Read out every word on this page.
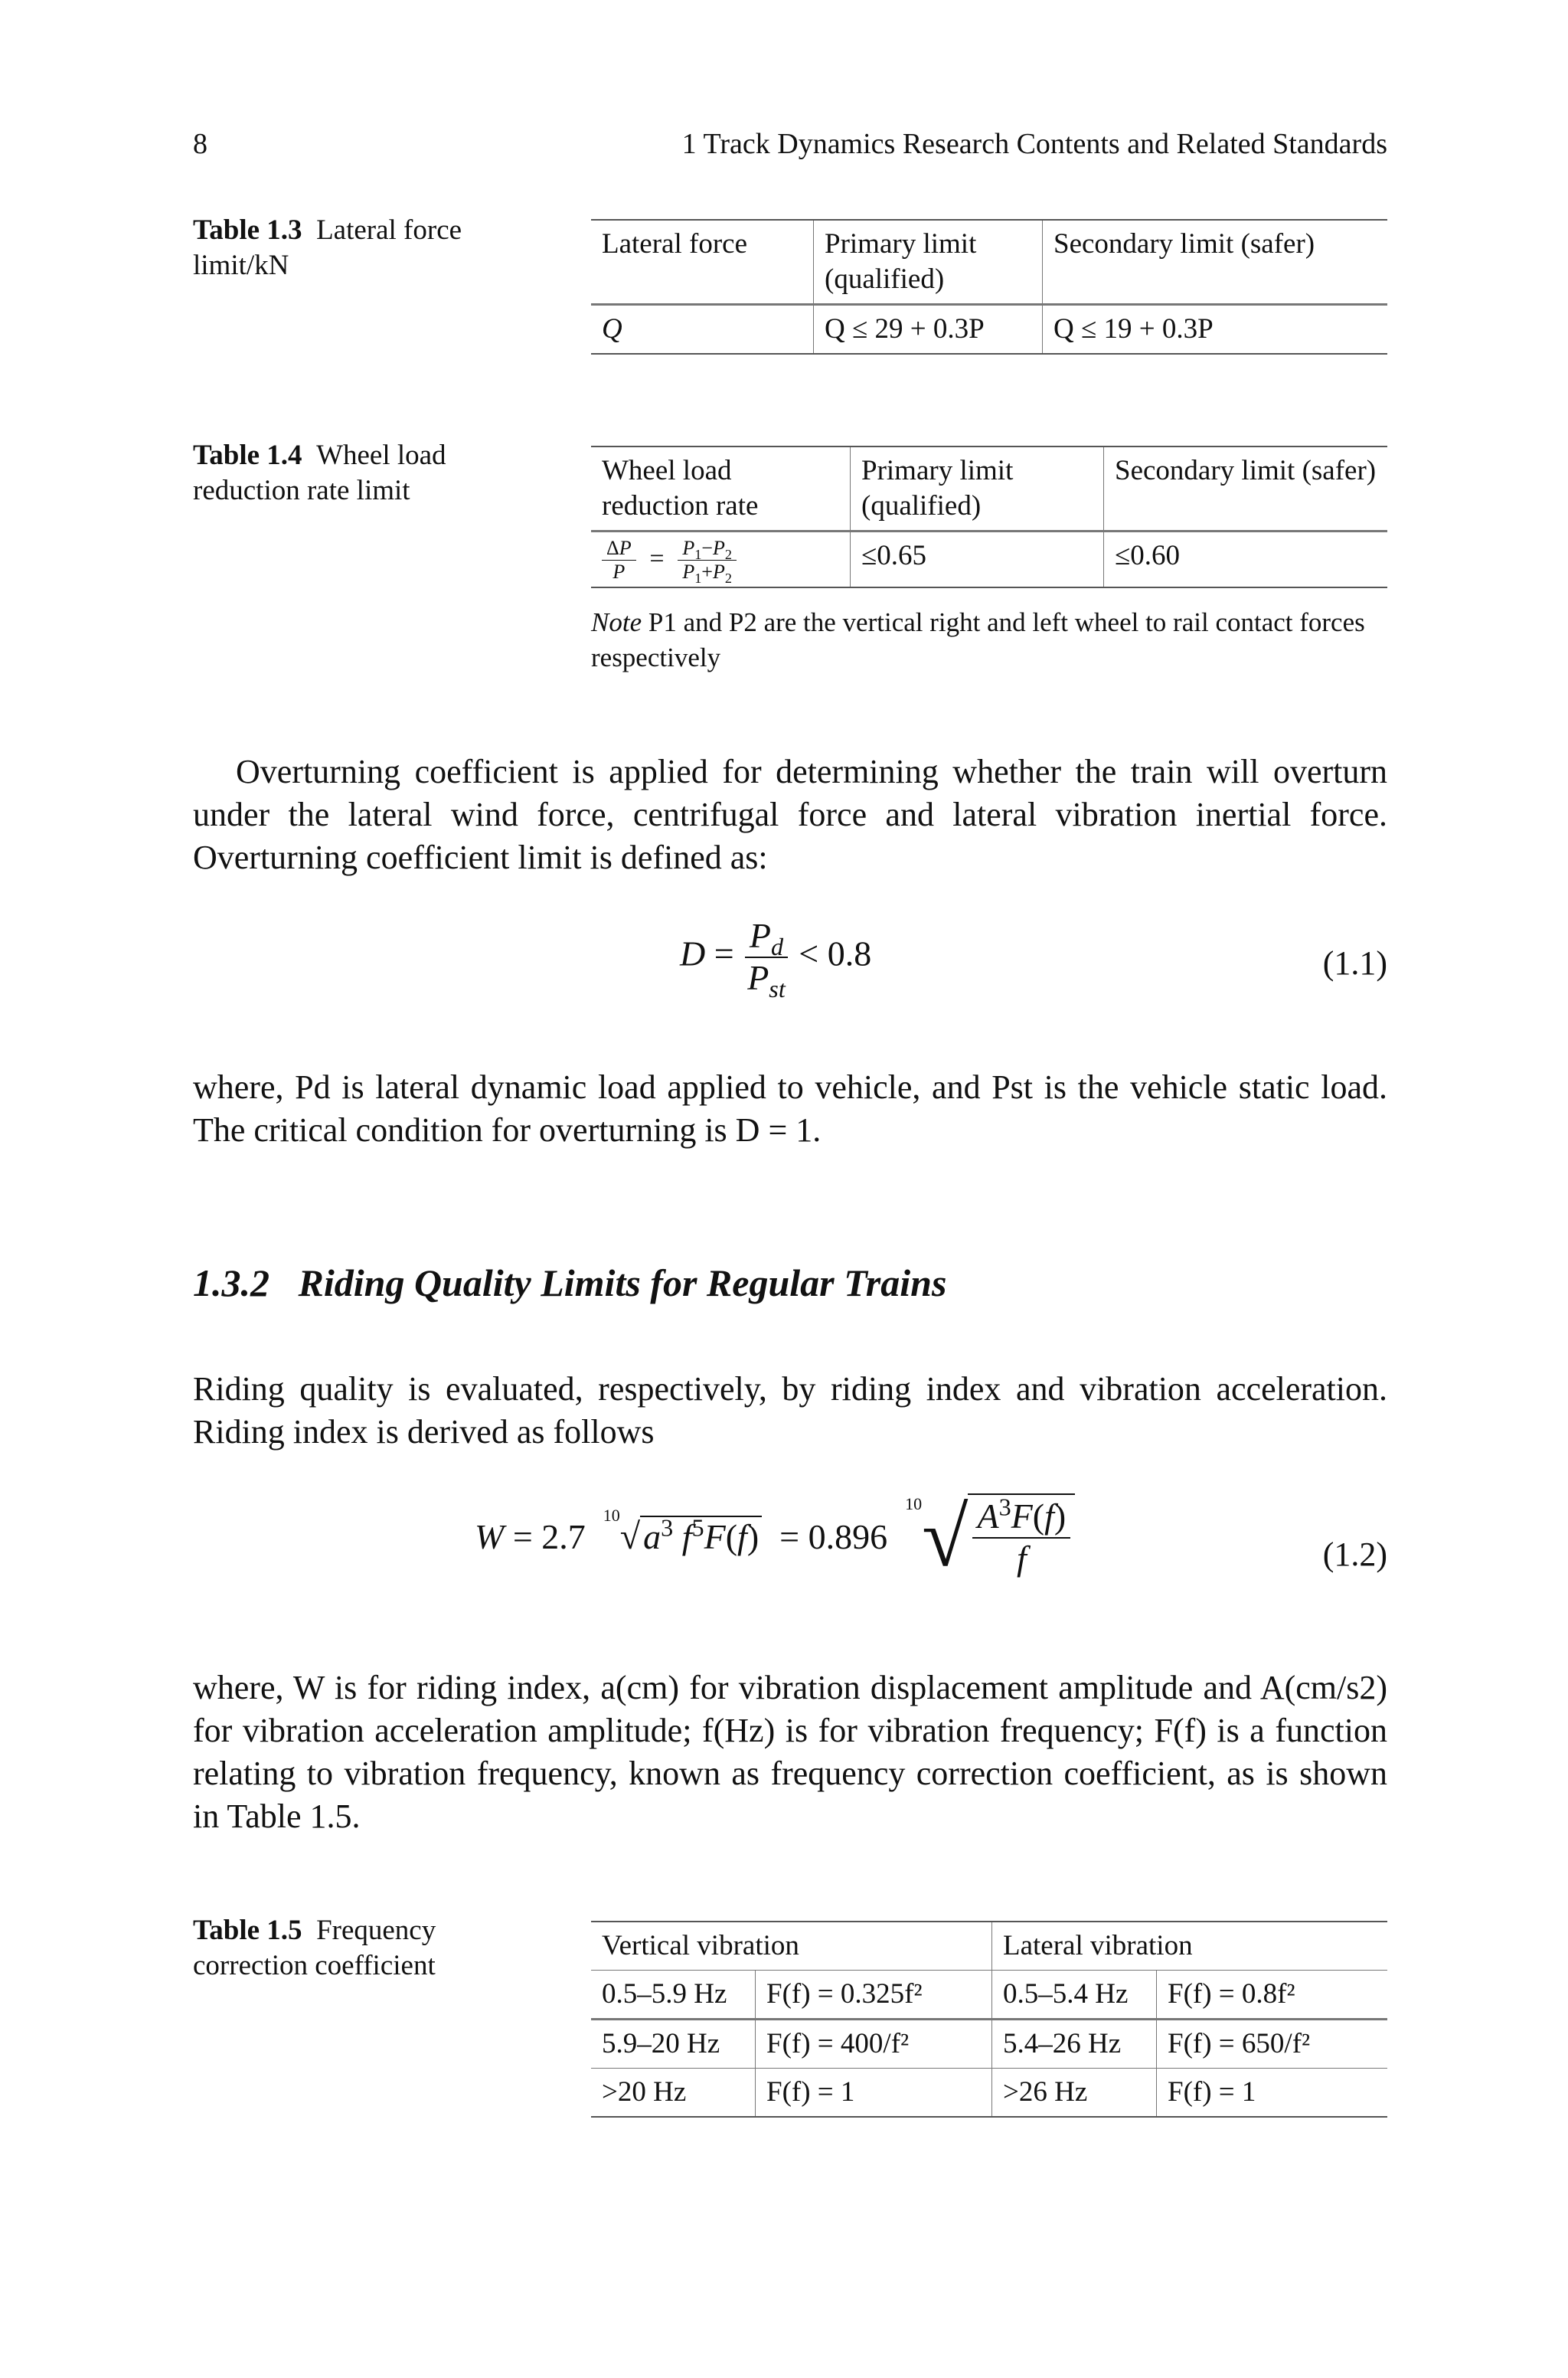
8	1 Track Dynamics Research Contents and Related Standards
Table 1.3 Lateral force limit/kN
Lateral force	Primary limit (qualified)	Secondary limit (safer)
Q	Q ≤ 29 + 0.3P	Q ≤ 19 + 0.3P
Table 1.4 Wheel load reduction rate limit
Wheel load reduction rate	Primary limit (qualified)	Secondary limit (safer)

$\frac{\Delta P}{P} = \frac{P_1-P_2}{P_1+P_2}$	≤0.65	≤0.60
Note P1 and P2 are the vertical right and left wheel to rail contact forces respectively
Overturning coefficient is applied for determining whether the train will overturn under the lateral wind force, centrifugal force and lateral vibration inertial force. Overturning coefficient limit is defined as:
$D = \frac{P_d}{P_{st}} < 0.8$	(1.1)
where, Pd is lateral dynamic load applied to vehicle, and Pst is the vehicle static load. The critical condition for overturning is D = 1.
1.3.2 Riding Quality Limits for Regular Trains
Riding quality is evaluated, respectively, by riding index and vibration acceleration. Riding index is derived as follows
W = 2.7  $^{10}√a^3$ $f^5F(f) = 0.896$  $^{10}√ \frac{A^3F(f)}{f}$	(1.2)
where, W is for riding index, a(cm) for vibration displacement amplitude and A(cm/s2) for vibration acceleration amplitude; f(Hz) is for vibration frequency; F(f) is a function relating to vibration frequency, known as frequency correction coefficient, as is shown in Table 1.5.
Table 1.5 Frequency correction coefficient
Vertical vibration		Lateral vibration	
0.5–5.9 Hz	F(f) = 0.325f²	0.5–5.4 Hz	F(f) = 0.8f²
5.9–20 Hz	F(f) = 400/f²	5.4–26 Hz	F(f) = 650/f²
>20 Hz	F(f) = 1	>26 Hz	F(f) = 1
